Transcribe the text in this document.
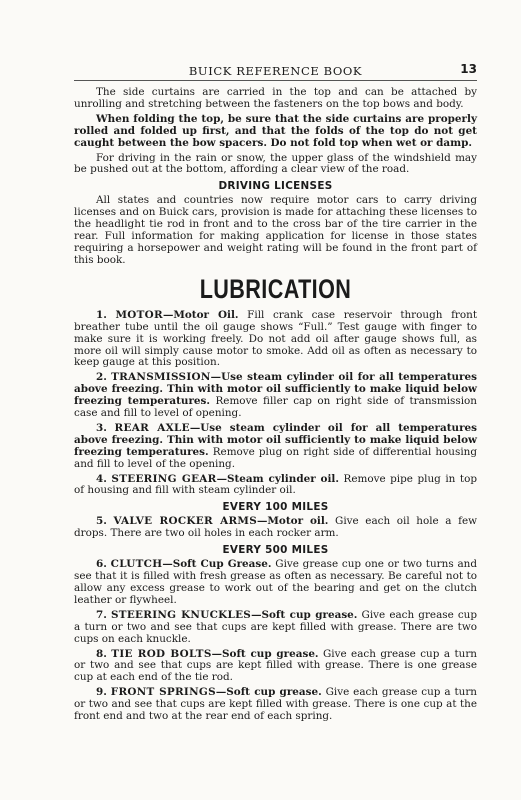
BUICK REFERENCE BOOK	13

The side curtains are carried in the top and can be attached by unrolling and stretching between the fasteners on the top bows and body.

When folding the top, be sure that the side curtains are properly rolled and folded up first, and that the folds of the top do not get caught between the bow spacers. Do not fold top when wet or damp.

For driving in the rain or snow, the upper glass of the windshield may be pushed out at the bottom, affording a clear view of the road.

DRIVING LICENSES

All states and countries now require motor cars to carry driving licenses and on Buick cars, provision is made for attaching these licenses to the headlight tie rod in front and to the cross bar of the tire carrier in the rear. Full information for making application for license in those states requiring a horsepower and weight rating will be found in the front part of this book.

LUBRICATION

1. MOTOR—Motor Oil. Fill crank case reservoir through front breather tube until the oil gauge shows “Full.” Test gauge with finger to make sure it is working freely. Do not add oil after gauge shows full, as more oil will simply cause motor to smoke. Add oil as often as necessary to keep gauge at this position.

2. TRANSMISSION—Use steam cylinder oil for all temperatures above freezing. Thin with motor oil sufficiently to make liquid below freezing temperatures. Remove filler cap on right side of transmission case and fill to level of opening.

3. REAR AXLE—Use steam cylinder oil for all temperatures above freezing. Thin with motor oil sufficiently to make liquid below freezing temperatures. Remove plug on right side of differential housing and fill to level of the opening.

4. STEERING GEAR—Steam cylinder oil. Remove pipe plug in top of housing and fill with steam cylinder oil.

EVERY 100 MILES

5. VALVE ROCKER ARMS—Motor oil. Give each oil hole a few drops. There are two oil holes in each rocker arm.

EVERY 500 MILES

6. CLUTCH—Soft Cup Grease. Give grease cup one or two turns and see that it is filled with fresh grease as often as necessary. Be careful not to allow any excess grease to work out of the bearing and get on the clutch leather or flywheel.

7. STEERING KNUCKLES—Soft cup grease. Give each grease cup a turn or two and see that cups are kept filled with grease. There are two cups on each knuckle.

8. TIE ROD BOLTS—Soft cup grease. Give each grease cup a turn or two and see that cups are kept filled with grease. There is one grease cup at each end of the tie rod.

9. FRONT SPRINGS—Soft cup grease. Give each grease cup a turn or two and see that cups are kept filled with grease. There is one cup at the front end and two at the rear end of each spring.
